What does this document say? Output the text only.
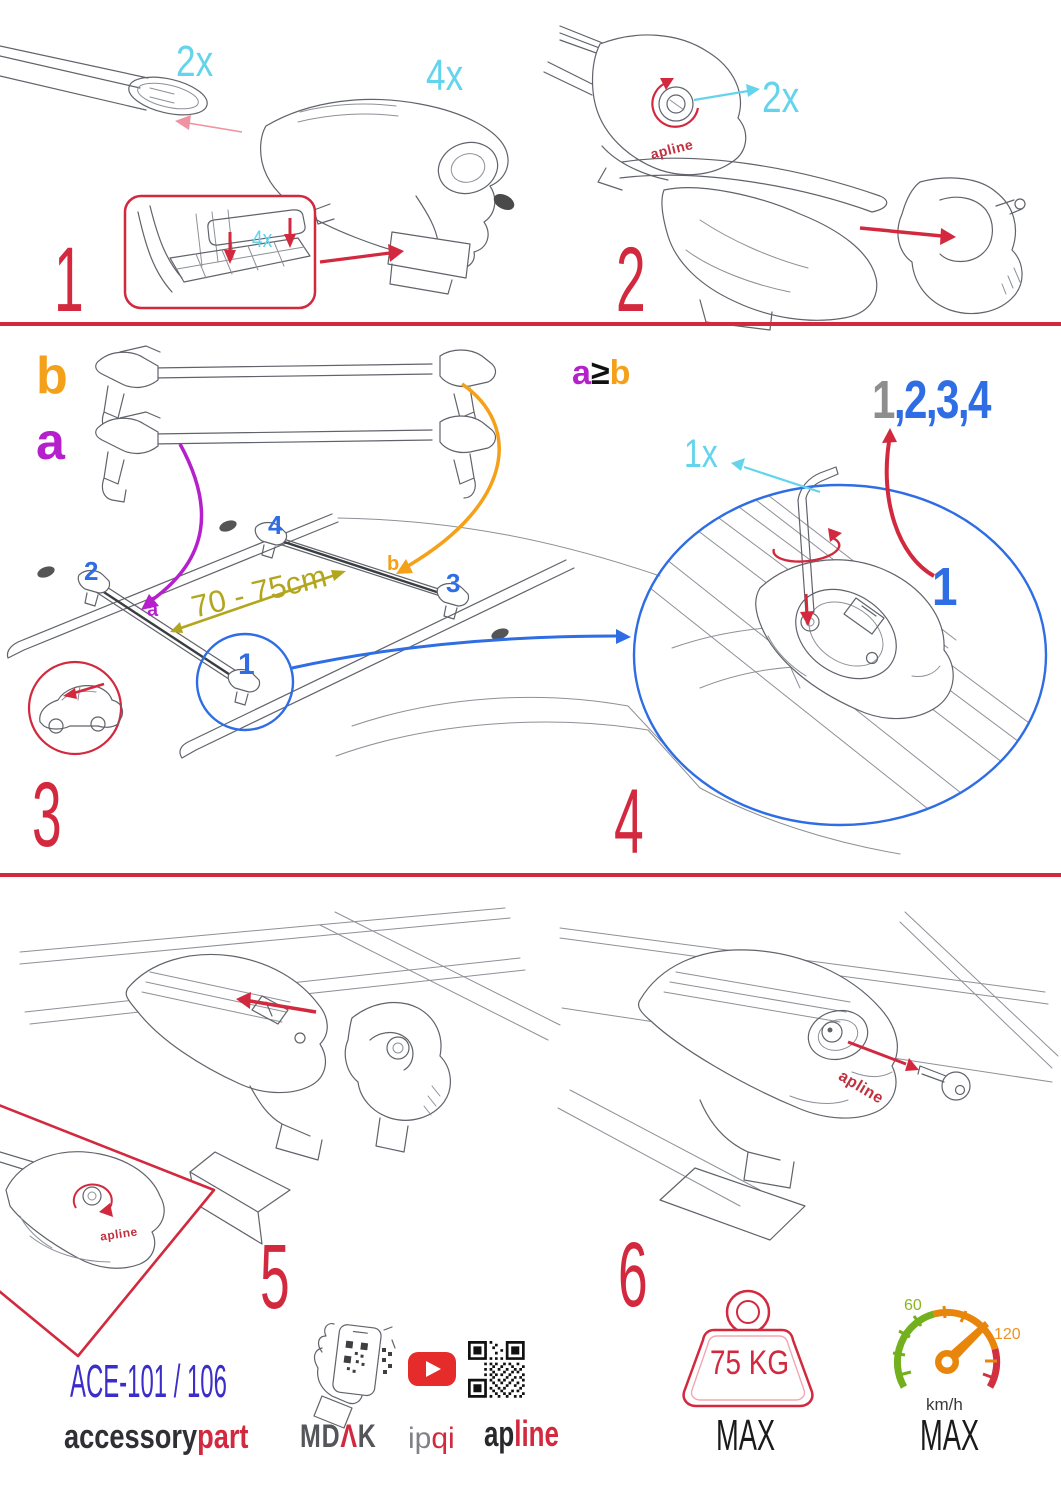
1	2
3	4
5	6
2x	4x
4x
2x
1x
b
a
a≥b	1,2,3,4
1
2
4
3
1
a
b
70 - 75cm
apline
apline
apline
ACE-101 / 106
accessorypart MDΛK ipqi apline
75 KG
MAX
60
120
km/h
MAX
